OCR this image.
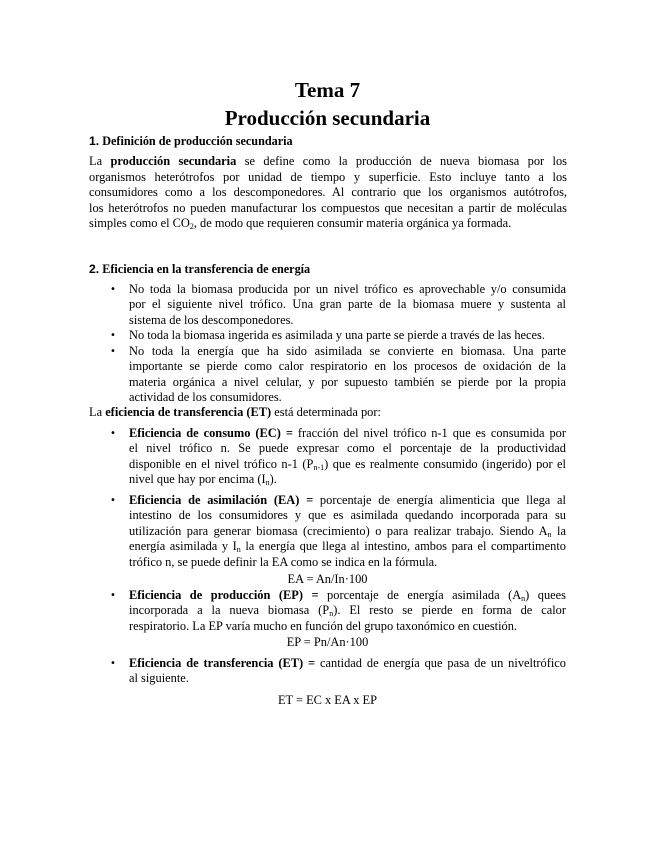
Tema 7
Producción secundaria
1. Definición de producción secundaria
La producción secundaria se define como la producción de nueva biomasa por los
organismos heterótrofos por unidad de tiempo y superficie. Esto incluye tanto a los
consumidores como a los descomponedores. Al contrario que los organismos autótrofos,
los heterótrofos no pueden manufacturar los compuestos que necesitan a partir de moléculas
simples como el $CO_2$, de modo que requieren consumir materia orgánica ya formada.
2. Eficiencia en la transferencia de energía
• No toda la biomasa producida por un nivel trófico es aprovechable y/o consumida
por el siguiente nivel trófico. Una gran parte de la biomasa muere y sustenta al
sistema de los descomponedores.
• No toda la biomasa ingerida es asimilada y una parte se pierde a través de las heces.
• No toda la energía que ha sido asimilada se convierte en biomasa. Una parte
importante se pierde como calor respiratorio en los procesos de oxidación de la
materia orgánica a nivel celular, y por supuesto también se pierde por la propia
actividad de los consumidores.
La eficiencia de transferencia (ET) está determinada por:
• Eficiencia de consumo (EC) = fracción del nivel trófico n-1 que es consumida por
el nivel trófico n. Se puede expresar como el porcentaje de la productividad
disponible en el nivel trófico n-1 $(P_{n-1})$ que es realmente consumido (ingerido) por el
nivel que hay por encima $(I_n)$.
• Eficiencia de asimilación (EA) = porcentaje de energía alimenticia que llega al
intestino de los consumidores y que es asimilada quedando incorporada para su
utilización para generar biomasa (crecimiento) o para realizar trabajo. Siendo $A_n$ la
energía asimilada y $I_n$ la energía que llega al intestino, ambos para el compartimento
trófico n, se puede definir la EA como se indica en la fórmula.
EA = An/In·100
• Eficiencia de producción (EP) = porcentaje de energía asimilada $(A_n)$ quees
incorporada a la nueva biomasa $(P_n)$. El resto se pierde en forma de calor
respiratorio. La EP varía mucho en función del grupo taxonómico en cuestión.
EP = Pn/An·100
• Eficiencia de transferencia (ET) = cantidad de energía que pasa de un niveltrófico
al siguiente.
ET = EC x EA x EP
